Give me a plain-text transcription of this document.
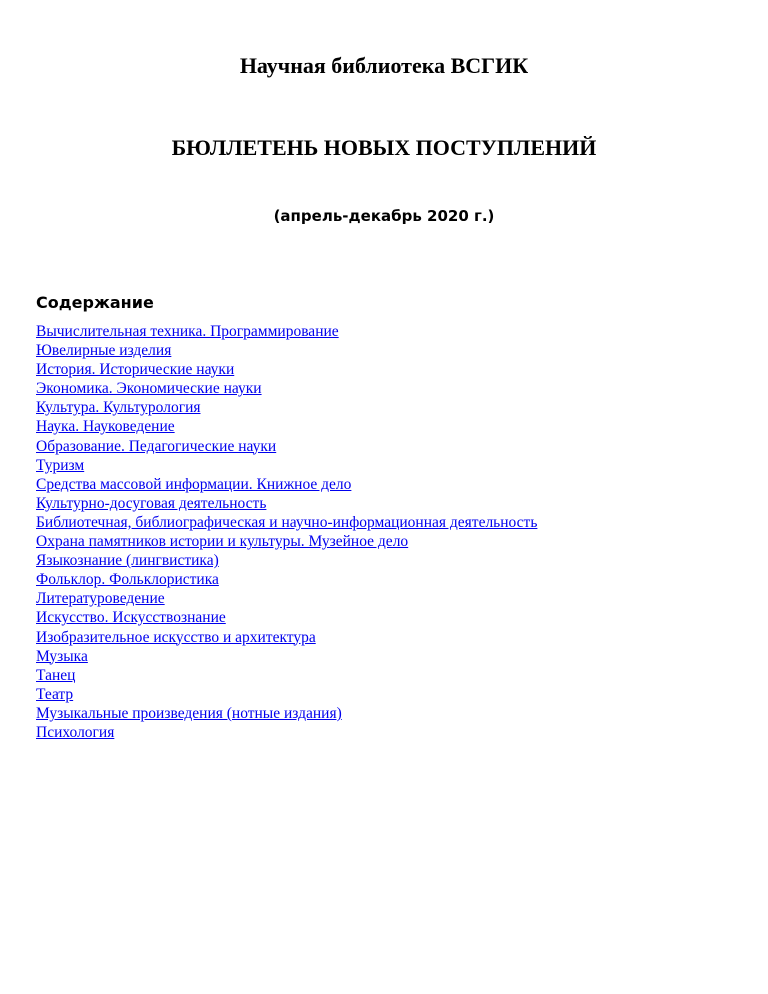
Научная библиотека ВСГИК
БЮЛЛЕТЕНЬ НОВЫХ ПОСТУПЛЕНИЙ
(апрель-декабрь 2020 г.)
Содержание
Вычислительная техника. Программирование
Ювелирные изделия
История. Исторические науки
Экономика. Экономические науки
Культура. Культурология
Наука. Науковедение
Образование. Педагогические науки
Туризм
Средства массовой информации. Книжное дело
Культурно-досуговая деятельность
Библиотечная, библиографическая и научно-информационная деятельность
Охрана памятников истории и культуры. Музейное дело
Языкознание (лингвистика)
Фольклор. Фольклористика
Литературоведение
Искусство. Искусствознание
Изобразительное искусство и архитектура
Музыка
Танец
Театр
Музыкальные произведения (нотные издания)
Психология
